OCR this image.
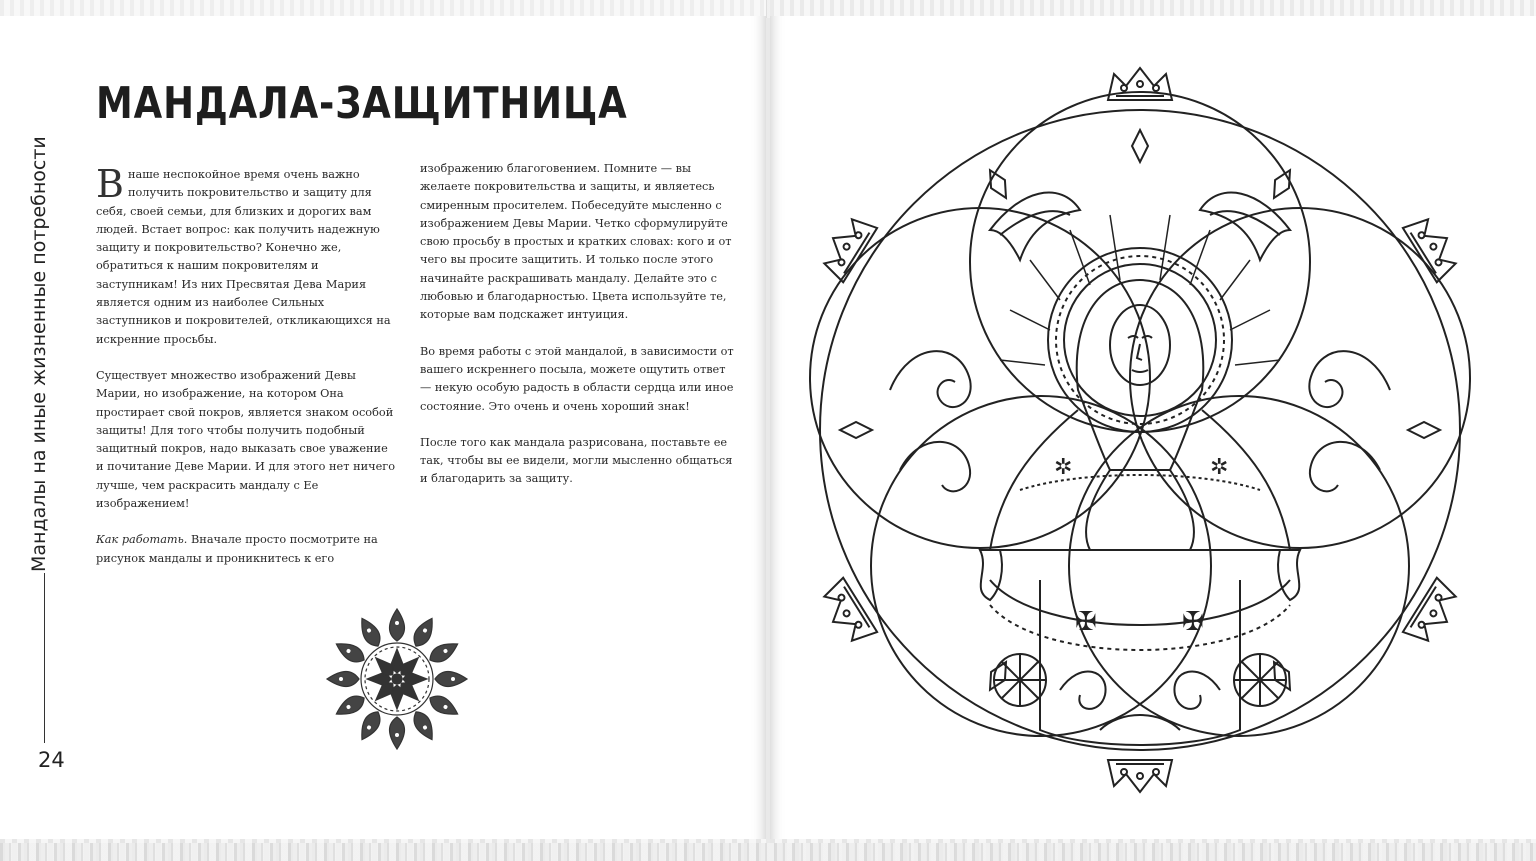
МАНДАЛА-ЗАЩИТНИЦА
Мандалы на иные жизненные потребности В наше неспокойное время очень важно получить покровительство и защиту для себя, своей семьи, для близких и дорогих вам людей. Встает вопрос: как получить надежную защиту и покровительство? Конечно же, обратиться к нашим покровителям и заступникам! Из них Пресвятая Дева Мария является одним из наиболее Сильных заступников и покровителей, откликающихся на искренние просьбы.

Существует множество изображений Девы Марии, но изображение, на котором Она простирает свой покров, является знаком особой защиты! Для того чтобы получить подобный защитный покров, надо выказать свое уважение и почитание Деве Марии. И для этого нет ничего лучше, чем раскрасить мандалу с Ее изображением!

Как работать. Вначале просто посмотрите на рисунок мандалы и проникнитесь к его

изображению благоговением. Помните — вы желаете покровительства и защиты, и являетесь смиренным просителем. Побеседуйте мысленно с изображением Девы Марии. Четко сформулируйте свою просьбу в простых и кратких словах: кого и от чего вы просите защитить. И только после этого начинайте раскрашивать мандалу. Делайте это с любовью и благодарностью. Цвета используйте те, которые вам подскажет интуиция.

Во время работы с этой мандалой, в зависимости от вашего искреннего посыла, можете ощутить ответ — некую особую радость в области сердца или иное состояние. Это очень и очень хороший знак!

После того как мандала разрисована, поставьте ее так, чтобы вы ее видели, могли мысленно общаться и благодарить за защиту.

24
✲	✲
✠	✠
